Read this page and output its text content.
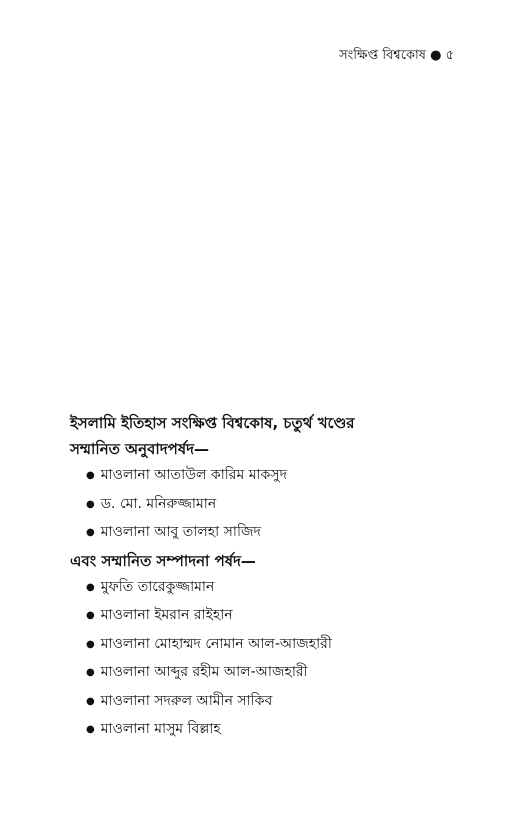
সংক্ষিপ্ত বিশ্বকোষ ● ৫
ইসলামি ইতিহাস সংক্ষিপ্ত বিশ্বকোষ, চতুর্থ খণ্ডের
সম্মানিত অনুবাদপর্ষদ—
● মাওলানা আতাউল কারিম মাকসুদ
● ড. মো. মনিরুজ্জামান
● মাওলানা আবু তালহা সাজিদ
এবং সম্মানিত সম্পাদনা পর্ষদ—
● মুফতি তারেকুজ্জামান
● মাওলানা ইমরান রাইহান
● মাওলানা মোহাম্মদ নোমান আল-আজহারী
● মাওলানা আব্দুর রহীম আল-আজহারী
● মাওলানা সদরুল আমীন সাকিব
● মাওলানা মাসুম বিল্লাহ
